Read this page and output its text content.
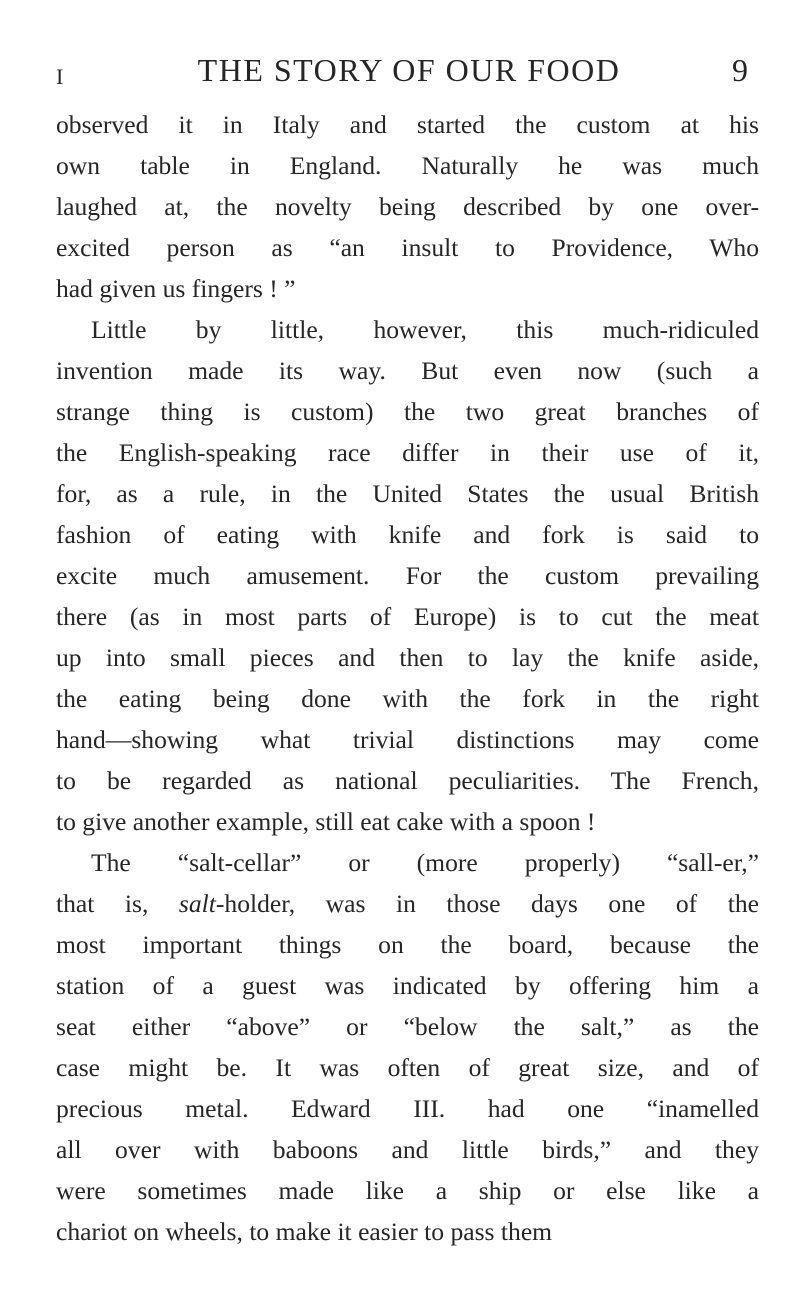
I	THE STORY OF OUR FOOD	9
observed it in Italy and started the custom at his
own table in England. Naturally he was much
laughed at, the novelty being described by one over-
excited person as “an insult to Providence, Who
had given us fingers ! ”
Little by little, however, this much-ridiculed
invention made its way. But even now (such a
strange thing is custom) the two great branches of
the English-speaking race differ in their use of it,
for, as a rule, in the United States the usual British
fashion of eating with knife and fork is said to
excite much amusement. For the custom prevailing
there (as in most parts of Europe) is to cut the meat
up into small pieces and then to lay the knife aside,
the eating being done with the fork in the right
hand—showing what trivial distinctions may come
to be regarded as national peculiarities. The French,
to give another example, still eat cake with a spoon !
The “salt-cellar” or (more properly) “sall-er,”
that is, salt-holder, was in those days one of the
most important things on the board, because the
station of a guest was indicated by offering him a
seat either “above” or “below the salt,” as the
case might be. It was often of great size, and of
precious metal. Edward III. had one “inamelled
all over with baboons and little birds,” and they
were sometimes made like a ship or else like a
chariot on wheels, to make it easier to pass them
